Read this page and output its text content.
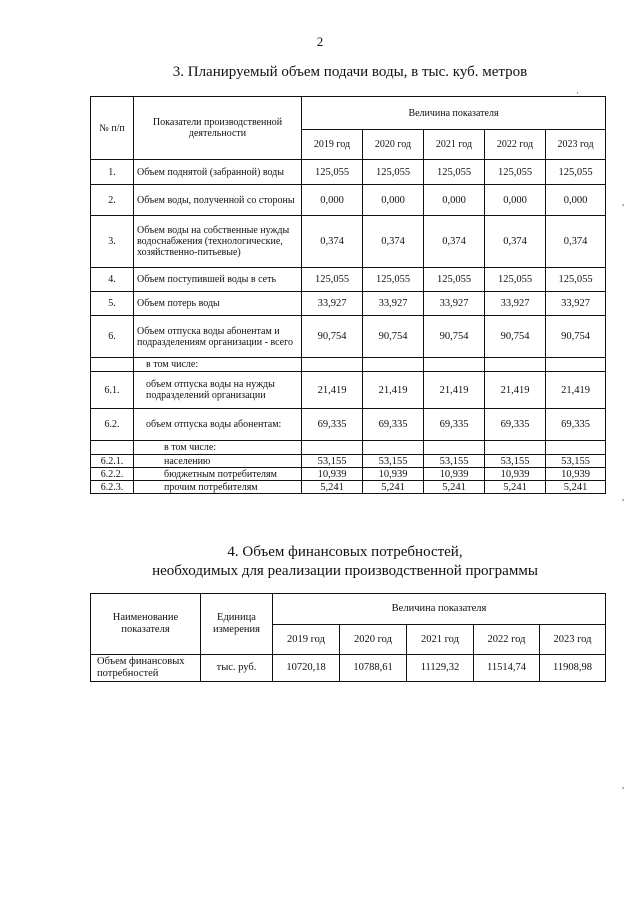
2
3. Планируемый объем подачи воды, в тыс. куб. метров
№ п/п	Показатели производственной деятельности	Величина показателя				
		2019 год	2020 год	2021 год	2022 год	2023 год
1.	Объем поднятой (забранной) воды	125,055	125,055	125,055	125,055	125,055
2.	Объем воды, полученной со стороны	0,000	0,000	0,000	0,000	0,000
3.	Объем воды на собственные нужды водоснабжения (технологические, хозяйственно-питьевые)	0,374	0,374	0,374	0,374	0,374
4.	Объем поступившей воды в сеть	125,055	125,055	125,055	125,055	125,055
5.	Объем потерь воды	33,927	33,927	33,927	33,927	33,927
6.	Объем отпуска воды абонентам и подразделениям организации - всего	90,754	90,754	90,754	90,754	90,754
	в том числе:					
6.1.	объем отпуска воды на нужды подразделений организации	21,419	21,419	21,419	21,419	21,419
6.2.	объем отпуска воды абонентам:	69,335	69,335	69,335	69,335	69,335
	в том числе:					
6.2.1.	населению	53,155	53,155	53,155	53,155	53,155
6.2.2.	бюджетным потребителям	10,939	10,939	10,939	10,939	10,939
6.2.3.	прочим потребителям	5,241	5,241	5,241	5,241	5,241
4. Объем финансовых потребностей,
необходимых для реализации производственной программы
Наименование показателя	Единица измерения	Величина показателя				
		2019 год	2020 год	2021 год	2022 год	2023 год
Объем финансовых потребностей	тыс. руб.	10720,18	10788,61	11129,32	11514,74	11908,98
·
,
,
,
